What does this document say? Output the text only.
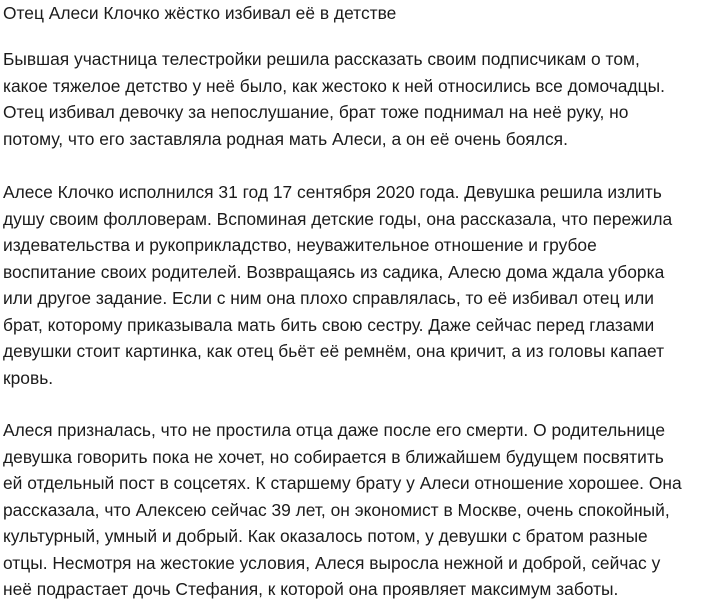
Отец Алеси Клочко жёстко избивал её в детстве
Бывшая участница телестройки решила рассказать своим подписчикам о том,
какое тяжелое детство у неё было, как жестоко к ней относились все домочадцы.
Отец избивал девочку за непослушание, брат тоже поднимал на неё руку, но
потому, что его заставляла родная мать Алеси, а он её очень боялся.
Алесе Клочко исполнился 31 год 17 сентября 2020 года. Девушка решила излить
душу своим фолловерам. Вспоминая детские годы, она рассказала, что пережила
издевательства и рукоприкладство, неуважительное отношение и грубое
воспитание своих родителей. Возвращаясь из садика, Алесю дома ждала уборка
или другое задание. Если с ним она плохо справлялась, то её избивал отец или
брат, которому приказывала мать бить свою сестру. Даже сейчас перед глазами
девушки стоит картинка, как отец бьёт её ремнём, она кричит, а из головы капает
кровь.
Алеся призналась, что не простила отца даже после его смерти. О родительнице
девушка говорить пока не хочет, но собирается в ближайшем будущем посвятить
ей отдельный пост в соцсетях. К старшему брату у Алеси отношение хорошее. Она
рассказала, что Алексею сейчас 39 лет, он экономист в Москве, очень спокойный,
культурный, умный и добрый. Как оказалось потом, у девушки с братом разные
отцы. Несмотря на жестокие условия, Алеся выросла нежной и доброй, сейчас у
неё подрастает дочь Стефания, к которой она проявляет максимум заботы.
